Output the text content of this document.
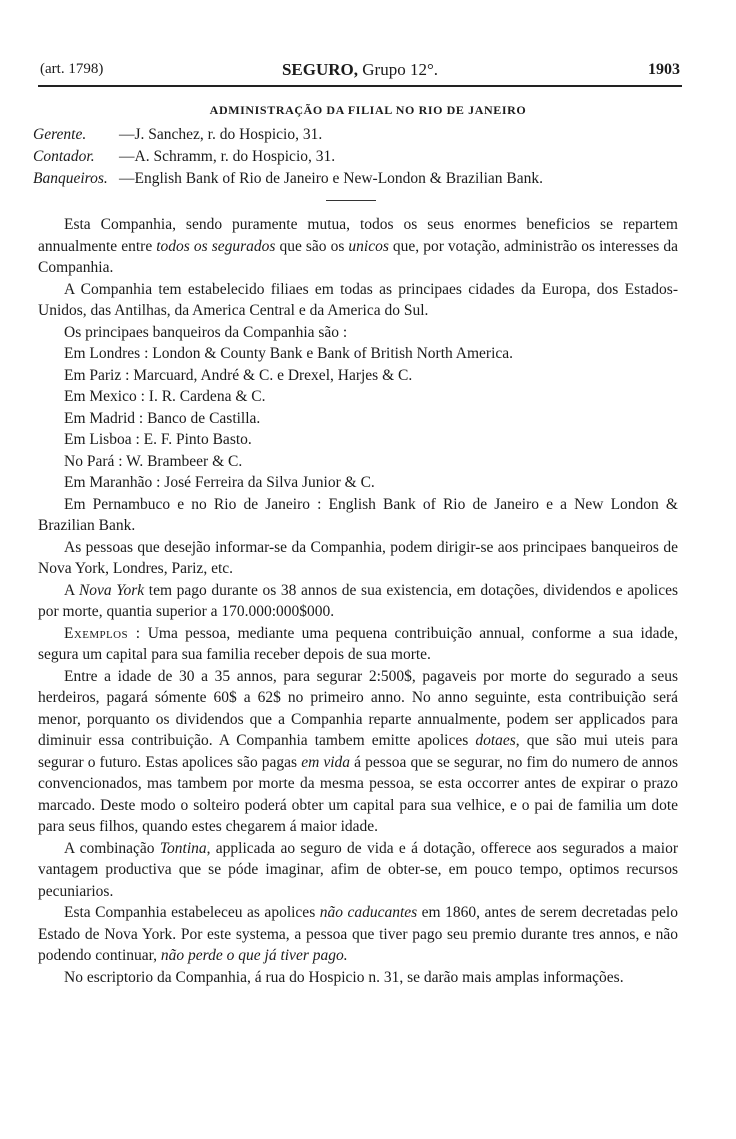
(art. 1798)	SEGURO, Grupo 12°.	1903
ADMINISTRAÇÃO DA FILIAL NO RIO DE JANEIRO
Gerente. —J. Sanchez, r. do Hospicio, 31.
Contador. —A. Schramm, r. do Hospicio, 31.
Banqueiros. —English Bank of Rio de Janeiro e New-London & Brazilian Bank.

Esta Companhia, sendo puramente mutua, todos os seus enormes beneficios se repartem annualmente entre todos os segurados que são os unicos que, por votação, administrão os interesses da Companhia.

A Companhia tem estabelecido filiaes em todas as principaes cidades da Europa, dos Estados-Unidos, das Antilhas, da America Central e da America do Sul.

Os principaes banqueiros da Companhia são :

Em Londres : London & County Bank e Bank of British North America.

Em Pariz : Marcuard, André & C. e Drexel, Harjes & C.

Em Mexico : I. R. Cardena & C.

Em Madrid : Banco de Castilla.

Em Lisboa : E. F. Pinto Basto.

No Pará : W. Brambeer & C.

Em Maranhão : José Ferreira da Silva Junior & C.

Em Pernambuco e no Rio de Janeiro : English Bank of Rio de Janeiro e a New London & Brazilian Bank.

As pessoas que desejão informar-se da Companhia, podem dirigir-se aos principaes banqueiros de Nova York, Londres, Pariz, etc.

A Nova York tem pago durante os 38 annos de sua existencia, em dotações, dividendos e apolices por morte, quantia superior a 170.000:000$000.

Exemplos : Uma pessoa, mediante uma pequena contribuição annual, conforme a sua idade, segura um capital para sua familia receber depois de sua morte.

Entre a idade de 30 a 35 annos, para segurar 2:500$, pagaveis por morte do segurado a seus herdeiros, pagará sómente 60$ a 62$ no primeiro anno. No anno seguinte, esta contribuição será menor, porquanto os dividendos que a Companhia reparte annualmente, podem ser applicados para diminuir essa contribuição. A Companhia tambem emitte apolices dotaes, que são mui uteis para segurar o futuro. Estas apolices são pagas em vida á pessoa que se segurar, no fim do numero de annos convencionados, mas tambem por morte da mesma pessoa, se esta occorrer antes de expirar o prazo marcado. Deste modo o solteiro poderá obter um capital para sua velhice, e o pai de familia um dote para seus filhos, quando estes chegarem á maior idade.

A combinação Tontina, applicada ao seguro de vida e á dotação, offerece aos segurados a maior vantagem productiva que se póde imaginar, afim de obter-se, em pouco tempo, optimos recursos pecuniarios.

Esta Companhia estabeleceu as apolices não caducantes em 1860, antes de serem decretadas pelo Estado de Nova York. Por este systema, a pessoa que tiver pago seu premio durante tres annos, e não podendo continuar, não perde o que já tiver pago.

No escriptorio da Companhia, á rua do Hospicio n. 31, se darão mais amplas informações.
